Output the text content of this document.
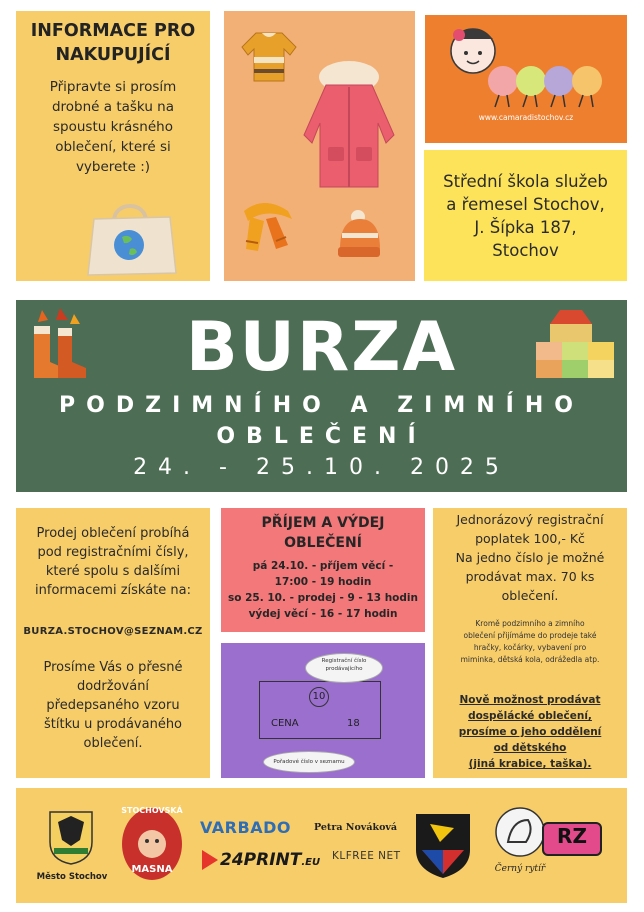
INFORMACE PRO
NAKUPUJÍCÍ
Připravte si prosím
drobné a tašku na
spoustu krásného
oblečení, které si
vyberete :)
www.camaradistochov.cz
Střední škola služeb
a řemesel Stochov,
J. Šípka 187,
Stochov
BURZA
PODZIMNÍHO A ZIMNÍHO
OBLEČENÍ
24. - 25.10. 2025
Prodej oblečení probíhá
pod registračními čísly,
které spolu s dalšími
informacemi získáte na:
BURZA.STOCHOV@SEZNAM.CZ
Prosíme Vás o přesné
dodržování
předepsaného vzoru
štítku u prodávaného
oblečení.
PŘÍJEM A VÝDEJ
OBLEČENÍ
pá 24.10. - příjem věcí -
17:00 - 19 hodin
so 25. 10. - prodej - 9 - 13 hodin
výdej věcí - 16 - 17 hodin
10
CENA	18
Registrační číslo
prodávajícího
Pořadové číslo v seznamu
Jednorázový registrační
poplatek 100,- Kč
Na jedno číslo je možné
prodávat max. 70 ks
oblečení.
Kromě podzimního a zimního
oblečení přijímáme do prodeje také
hračky, kočárky, vybavení pro
miminka, dětská kola, odrážedla atp.
Nově možnost prodávat
dospělácké oblečení,
prosíme o jeho oddělení
od dětského
(jiná krabice, taška).
Město Stochov
STOCHOVSKÁ
MASNA
VARBADO
24PRINT.EU
Petra Nováková
KLFREE NET
Černý rytíř
RZ
